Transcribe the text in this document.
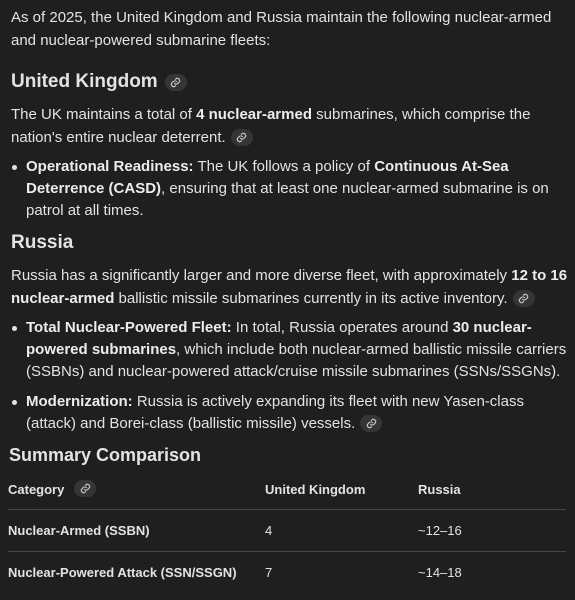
As of 2025, the United Kingdom and Russia maintain the following nuclear-armed and nuclear-powered submarine fleets:

United Kingdom

The UK maintains a total of 4 nuclear-armed submarines, which comprise the nation's entire nuclear deterrent.

Operational Readiness: The UK follows a policy of Continuous At-Sea Deterrence (CASD), ensuring that at least one nuclear-armed submarine is on patrol at all times.
Russia

Russia has a significantly larger and more diverse fleet, with approximately 12 to 16 nuclear-armed ballistic missile submarines currently in its active inventory.

Total Nuclear-Powered Fleet: In total, Russia operates around 30 nuclear-powered submarines, which include both nuclear-armed ballistic missile carriers (SSBNs) and nuclear-powered attack/cruise missile submarines (SSNs/SSGNs).
Modernization: Russia is actively expanding its fleet with new Yasen-class (attack) and Borei-class (ballistic missile) vessels.
Summary Comparison
Category	United Kingdom	Russia
Nuclear-Armed (SSBN)	4	~12–16
Nuclear-Powered Attack (SSN/SSGN)	7	~14–18
